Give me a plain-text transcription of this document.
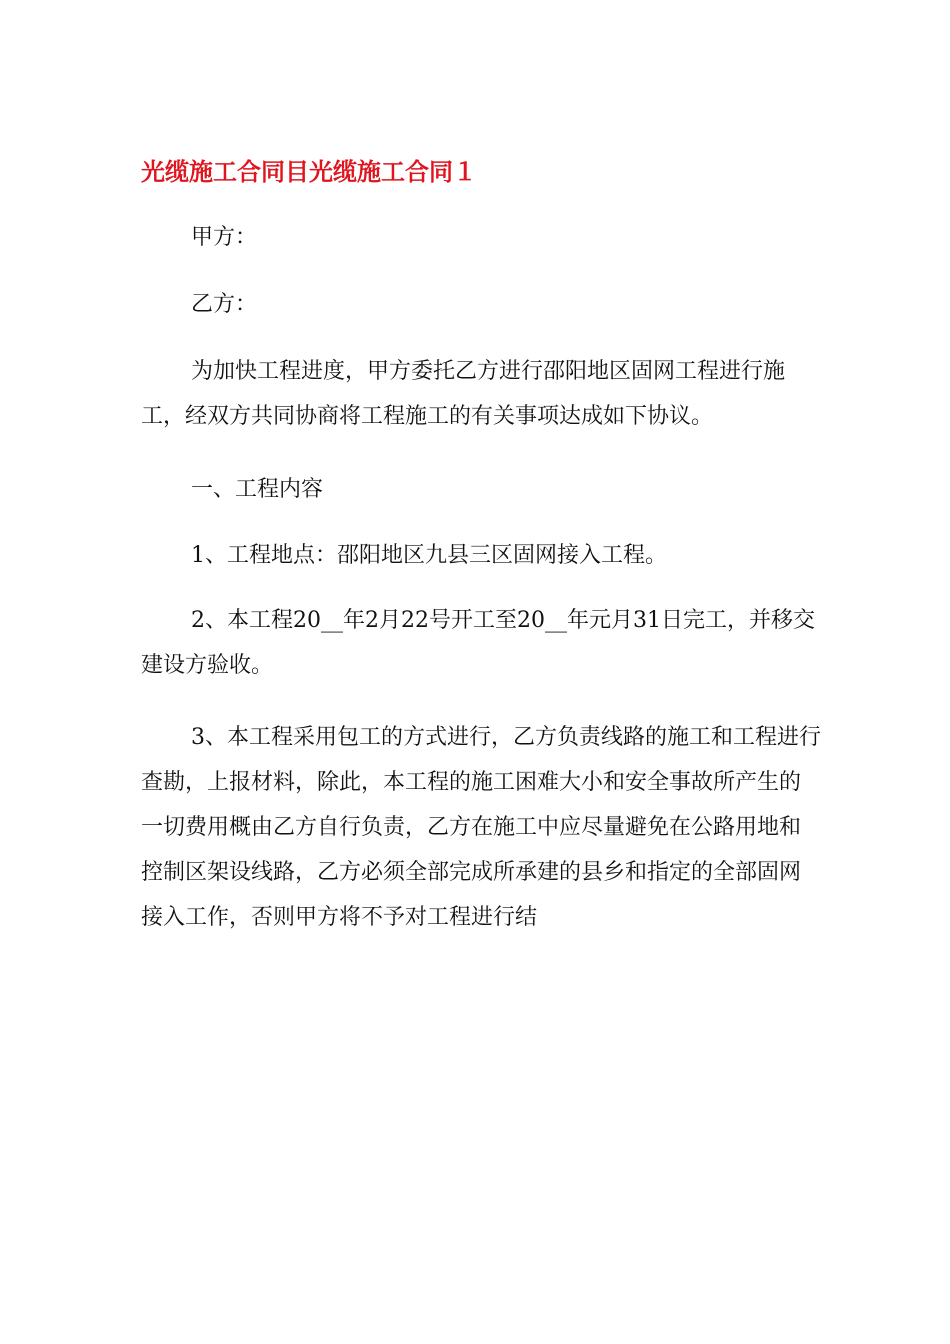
光缆施工合同目光缆施工合同１

甲方：

乙方：

为加快工程进度，甲方委托乙方进行邵阳地区固网工程进行施工，经双方共同协商将工程施工的有关事项达成如下协议。

一、工程内容

1、工程地点：邵阳地区九县三区固网接入工程。

2、本工程20__年2月22号开工至20__年元月31日完工，并移交建设方验收。

3、本工程采用包工的方式进行，乙方负责线路的施工和工程进行查勘，上报材料，除此，本工程的施工困难大小和安全事故所产生的一切费用概由乙方自行负责，乙方在施工中应尽量避免在公路用地和控制区架设线路，乙方必须全部完成所承建的县乡和指定的全部固网接入工作，否则甲方将不予对工程进行结
